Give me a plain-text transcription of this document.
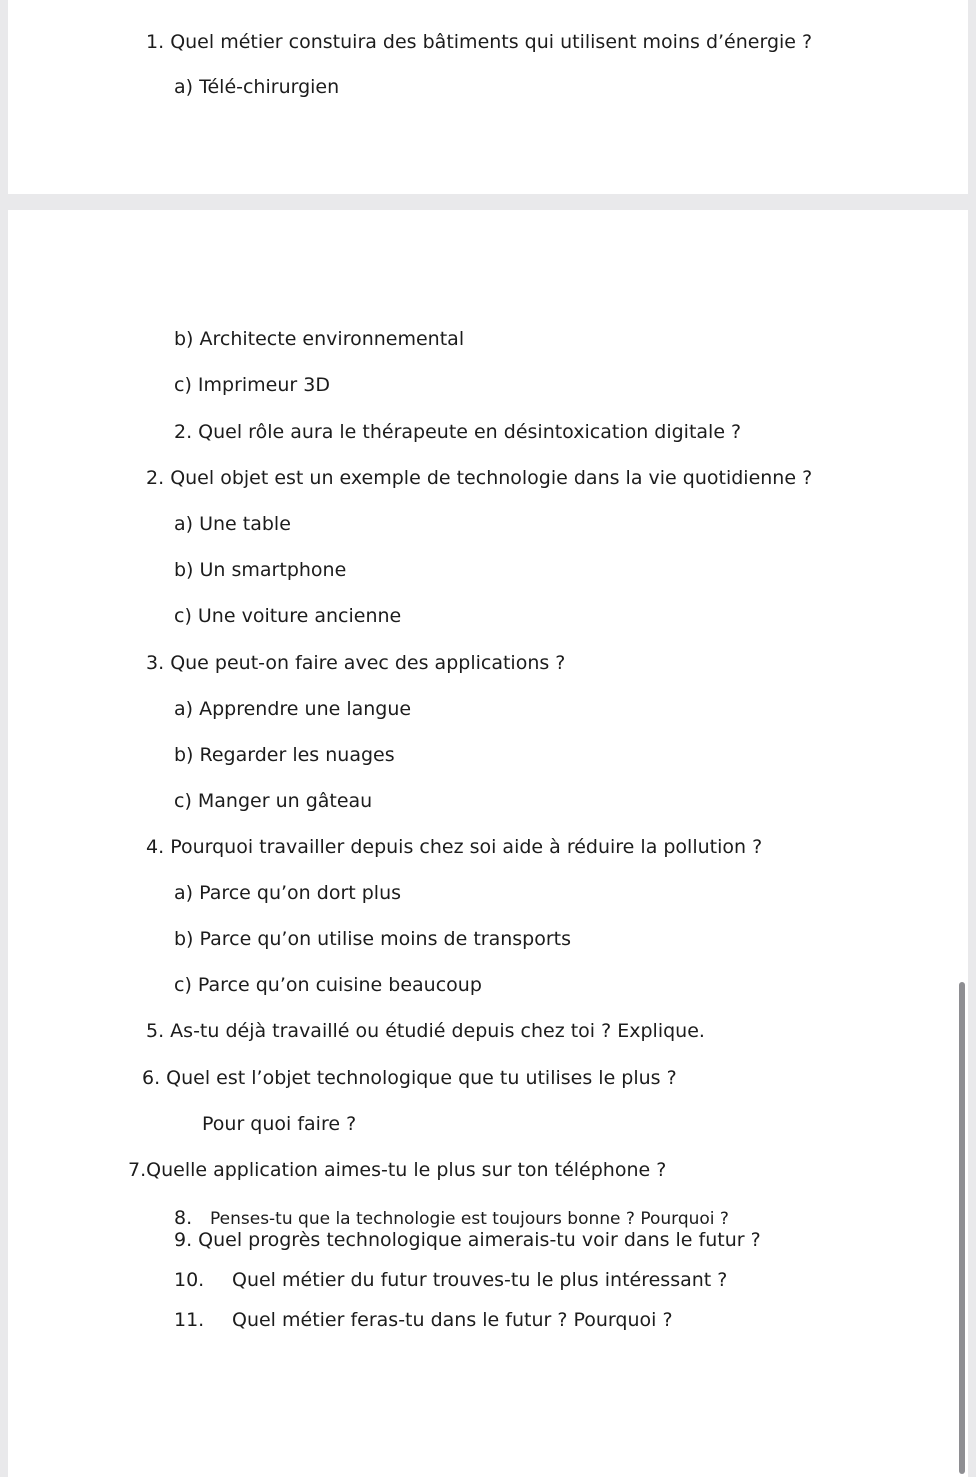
1. Quel métier constuira des bâtiments qui utilisent moins d’énergie ?

a) Télé-chirurgien

b) Architecte environnemental

c) Imprimeur 3D

2. Quel rôle aura le thérapeute en désintoxication digitale ?

2. Quel objet est un exemple de technologie dans la vie quotidienne ?

a) Une table

b) Un smartphone

c) Une voiture ancienne

3. Que peut-on faire avec des applications ?

a) Apprendre une langue

b) Regarder les nuages

c) Manger un gâteau

4. Pourquoi travailler depuis chez soi aide à réduire la pollution ?

a) Parce qu’on dort plus

b) Parce qu’on utilise moins de transports

c) Parce qu’on cuisine beaucoup

5. As-tu déjà travaillé ou étudié depuis chez toi ? Explique.

6. Quel est l’objet technologique que tu utilises le plus ?

Pour quoi faire ?

7.Quelle application aimes-tu le plus sur ton téléphone ?

8. Penses-tu que la technologie est toujours bonne ? Pourquoi ?

9. Quel progrès technologique aimerais-tu voir dans le futur ?

10. Quel métier du futur trouves-tu le plus intéressant ?

11. Quel métier feras-tu dans le futur ? Pourquoi ?
